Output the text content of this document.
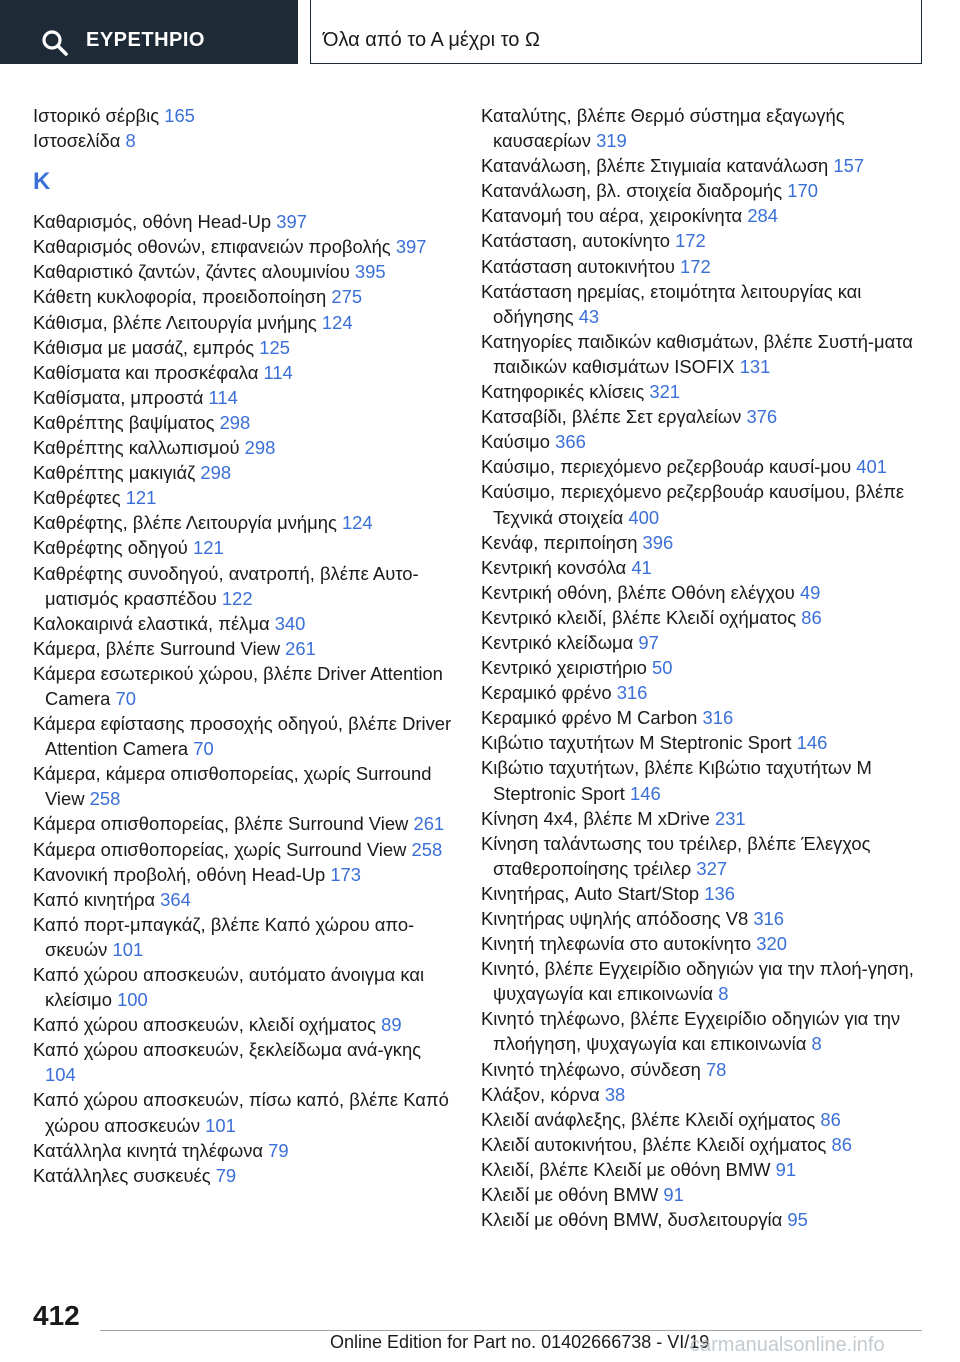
ΕΥΡΕΤΗΡΙΟ	Όλα από το Α μέχρι το Ω

Ιστορικό σέρβις 165

Ιστοσελίδα 8

K

Καθαρισμός, οθόνη Head-Up 397

Καθαρισμός οθονών, επιφανειών προβολής 397

Καθαριστικό ζαντών, ζάντες αλουμινίου 395

Κάθετη κυκλοφορία, προειδοποίηση 275

Κάθισμα, βλέπε Λειτουργία μνήμης 124

Κάθισμα με μασάζ, εμπρός 125

Καθίσματα και προσκέφαλα 114

Καθίσματα, μπροστά 114

Καθρέπτης βαψίματος 298

Καθρέπτης καλλωπισμού 298

Καθρέπτης μακιγιάζ 298

Καθρέφτες 121

Καθρέφτης, βλέπε Λειτουργία μνήμης 124

Καθρέφτης οδηγού 121

Καθρέφτης συνοδηγού, ανατροπή, βλέπε Αυτο-ματισμός κρασπέδου 122

Καλοκαιρινά ελαστικά, πέλμα 340

Κάμερα, βλέπε Surround View 261

Κάμερα εσωτερικού χώρου, βλέπε Driver Attention Camera 70

Κάμερα εφίστασης προσοχής οδηγού, βλέπε Driver Attention Camera 70

Κάμερα, κάμερα οπισθοπορείας, χωρίς Surround View 258

Κάμερα οπισθοπορείας, βλέπε Surround View 261

Κάμερα οπισθοπορείας, χωρίς Surround View 258

Κανονική προβολή, οθόνη Head-Up 173

Καπό κινητήρα 364

Καπό πορτ-μπαγκάζ, βλέπε Καπό χώρου απο-σκευών 101

Καπό χώρου αποσκευών, αυτόματο άνοιγμα και κλείσιμο 100

Καπό χώρου αποσκευών, κλειδί οχήματος 89

Καπό χώρου αποσκευών, ξεκλείδωμα ανά-γκης 104

Καπό χώρου αποσκευών, πίσω καπό, βλέπε Καπό χώρου αποσκευών 101

Κατάλληλα κινητά τηλέφωνα 79

Κατάλληλες συσκευές 79

Καταλύτης, βλέπε Θερμό σύστημα εξαγωγής καυσαερίων 319

Κατανάλωση, βλέπε Στιγμιαία κατανάλωση 157

Κατανάλωση, βλ. στοιχεία διαδρομής 170

Κατανομή του αέρα, χειροκίνητα 284

Κατάσταση, αυτοκίνητο 172

Κατάσταση αυτοκινήτου 172

Κατάσταση ηρεμίας, ετοιμότητα λειτουργίας και οδήγησης 43

Κατηγορίες παιδικών καθισμάτων, βλέπε Συστή-ματα παιδικών καθισμάτων ISOFIX 131

Κατηφορικές κλίσεις 321

Κατσαβίδι, βλέπε Σετ εργαλείων 376

Καύσιμο 366

Καύσιμο, περιεχόμενο ρεζερβουάρ καυσί-μου 401

Καύσιμο, περιεχόμενο ρεζερβουάρ καυσίμου, βλέπε Τεχνικά στοιχεία 400

Κενάφ, περιποίηση 396

Κεντρική κονσόλα 41

Κεντρική οθόνη, βλέπε Οθόνη ελέγχου 49

Κεντρικό κλειδί, βλέπε Κλειδί οχήματος 86

Κεντρικό κλείδωμα 97

Κεντρικό χειριστήριο 50

Κεραμικό φρένο 316

Κεραμικό φρένο M Carbon 316

Κιβώτιο ταχυτήτων M Steptronic Sport 146

Κιβώτιο ταχυτήτων, βλέπε Κιβώτιο ταχυτήτων M Steptronic Sport 146

Κίνηση 4x4, βλέπε M xDrive 231

Κίνηση ταλάντωσης του τρέιλερ, βλέπε Έλεγχος σταθεροποίησης τρέιλερ 327

Κινητήρας, Auto Start/Stop 136

Κινητήρας υψηλής απόδοσης V8 316

Κινητή τηλεφωνία στο αυτοκίνητο 320

Κινητό, βλέπε Εγχειρίδιο οδηγιών για την πλοή-γηση, ψυχαγωγία και επικοινωνία 8

Κινητό τηλέφωνο, βλέπε Εγχειρίδιο οδηγιών για την πλοήγηση, ψυχαγωγία και επικοινωνία 8

Κινητό τηλέφωνο, σύνδεση 78

Κλάξον, κόρνα 38

Κλειδί ανάφλεξης, βλέπε Κλειδί οχήματος 86

Κλειδί αυτοκινήτου, βλέπε Κλειδί οχήματος 86

Κλειδί, βλέπε Κλειδί με οθόνη BMW 91

Κλειδί με οθόνη BMW 91

Κλειδί με οθόνη BMW, δυσλειτουργία 95

412
Online Edition for Part no. 01402666738 - VI/19
carmanualsonline.info
